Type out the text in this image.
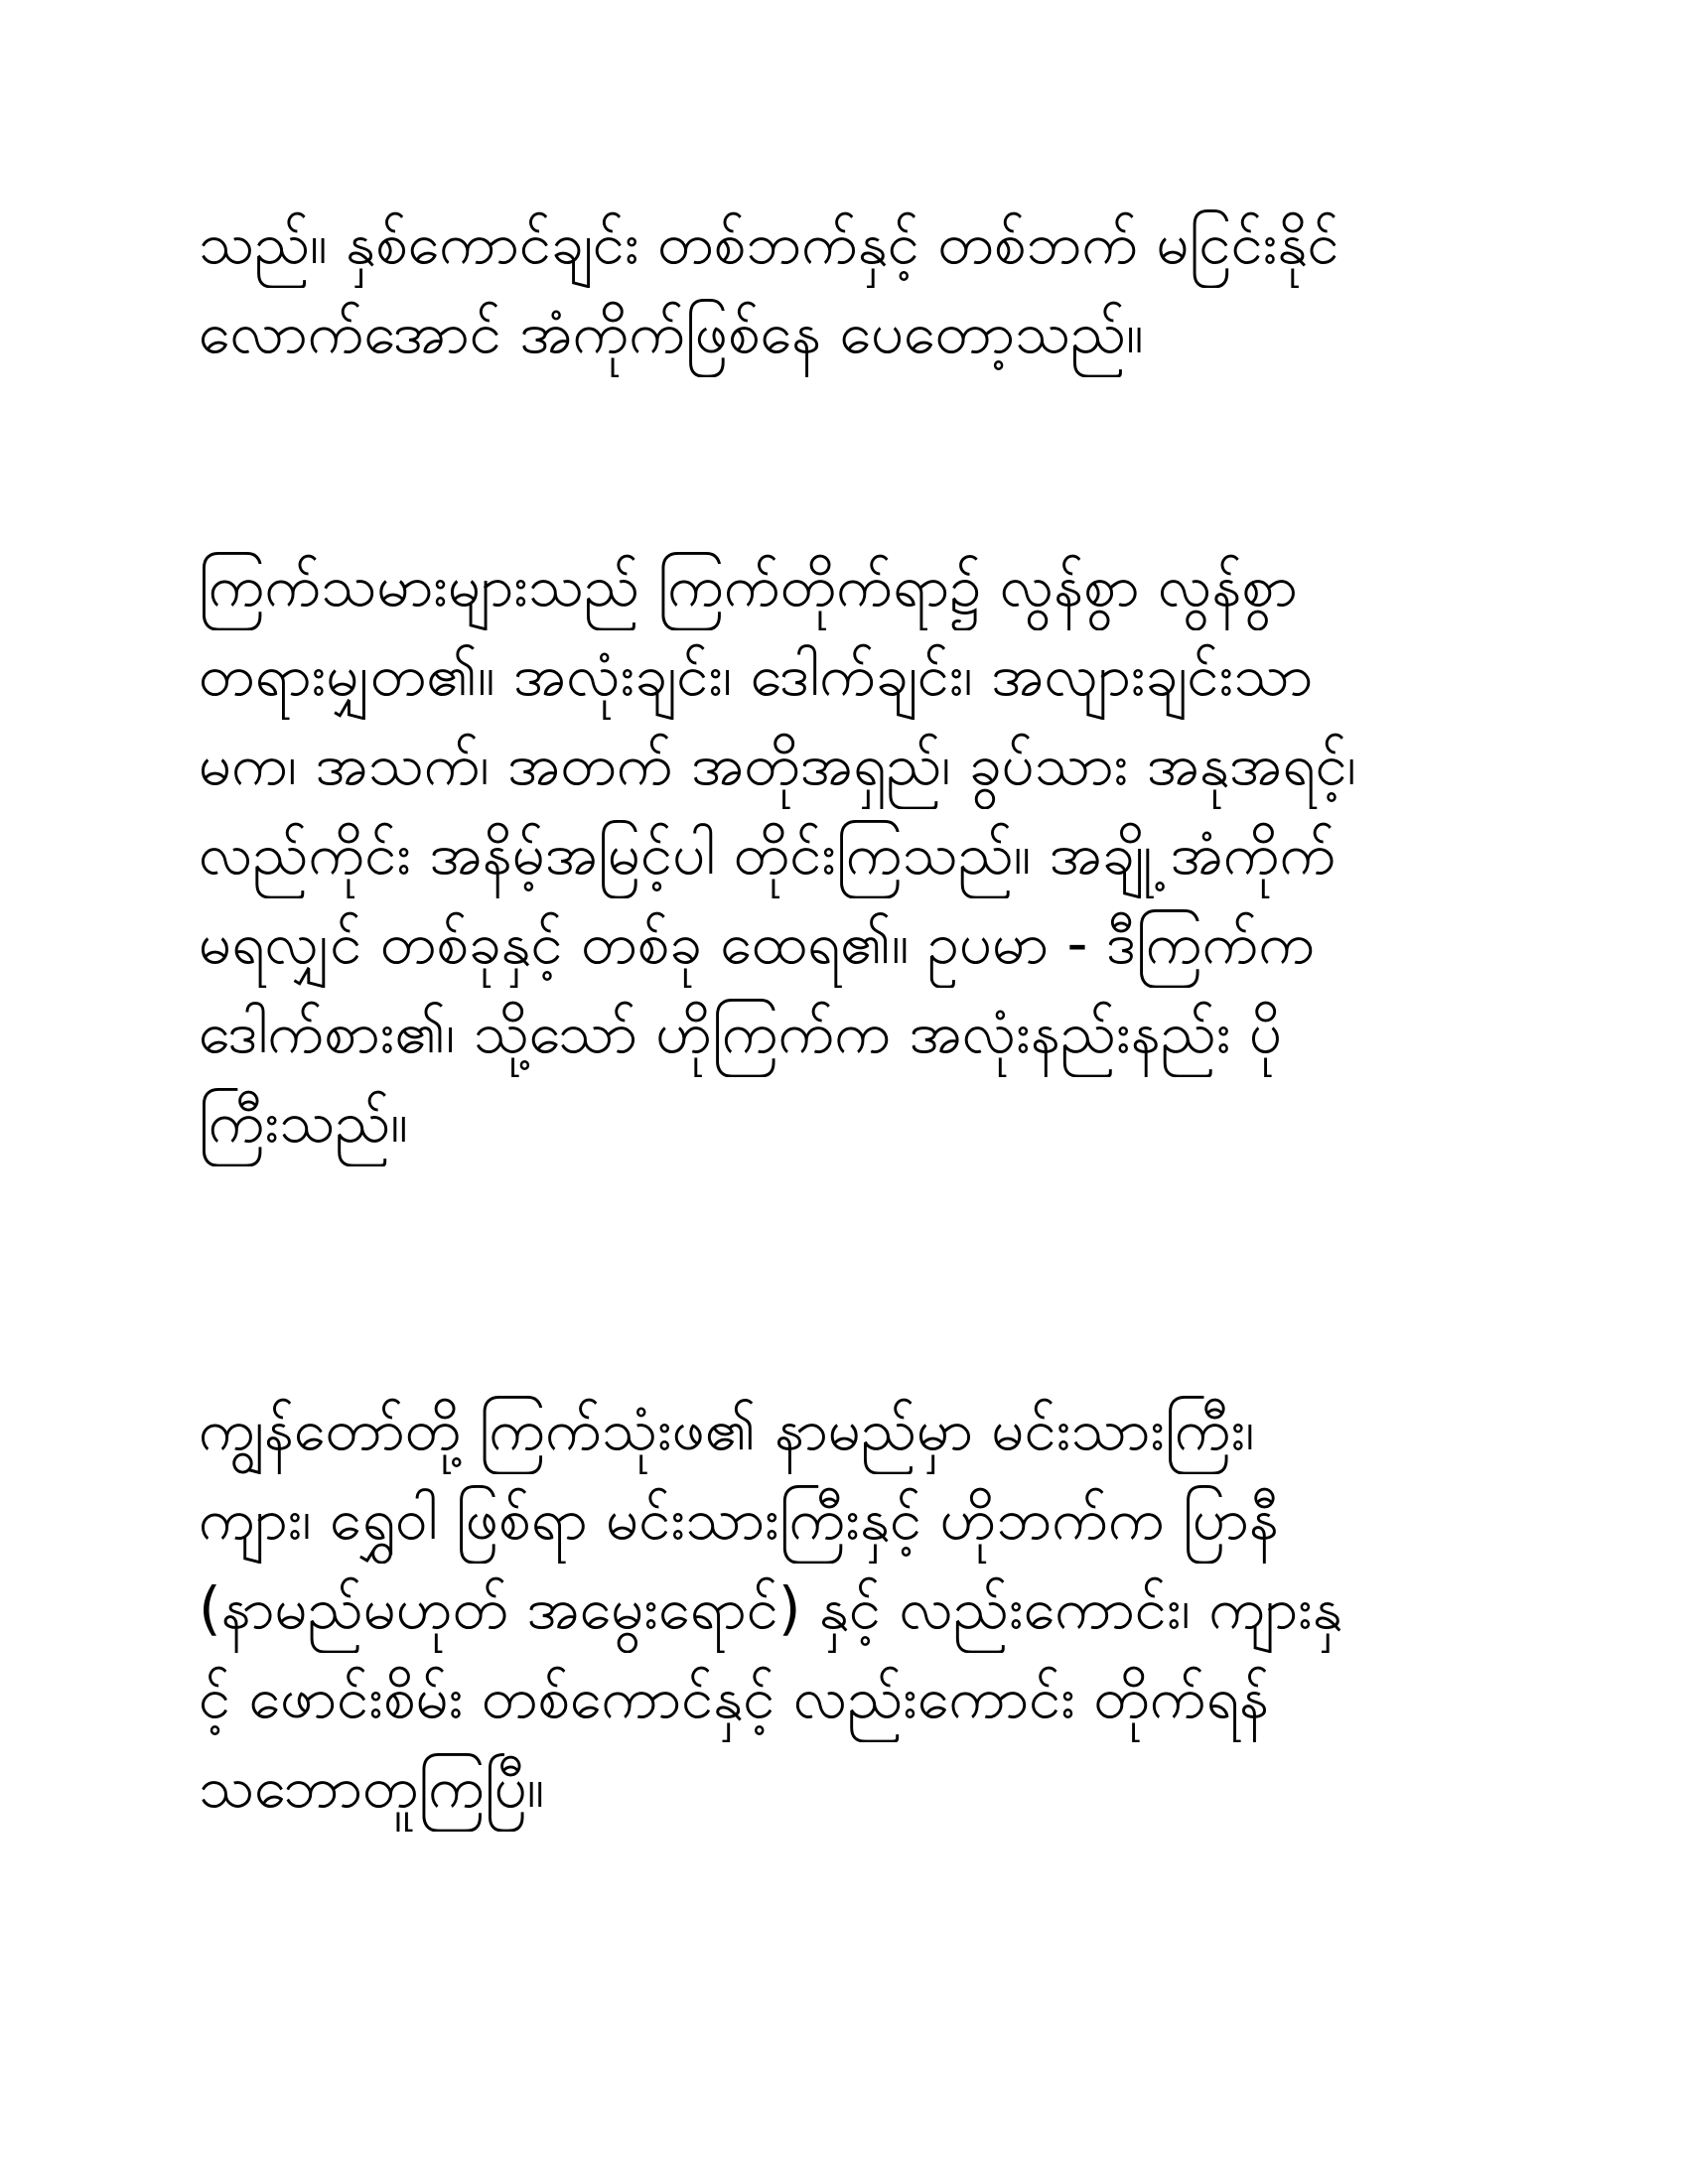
သည်။ နှစ်ကောင်ချင်း တစ်ဘက်နှင့် တစ်ဘက် မငြင်းနိုင်
လောက်အောင် အံကိုက်ဖြစ်နေ ပေတော့သည်။

ကြက်သမားများသည် ကြက်တိုက်ရာ၌ လွန်စွာ လွန်စွာ
တရားမျှတ၏။ အလုံးချင်း၊ ဒေါက်ချင်း၊ အလျားချင်းသာ
မက၊ အသက်၊ အတက် အတိုအရှည်၊ ခွပ်သား အနုအရင့်၊
လည်ကိုင်း အနိမ့်အမြင့်ပါ တိုင်းကြသည်။ အချို့ အံကိုက်
မရလျှင် တစ်ခုနှင့် တစ်ခု ထေရ၏။ ဥပမာ - ဒီကြက်က
ဒေါက်စား၏၊ သို့သော် ဟိုကြက်က အလုံးနည်းနည်း ပို
ကြီးသည်။

ကျွန်တော်တို့ ကြက်သုံးဖ၏ နာမည်မှာ မင်းသားကြီး၊
ကျား၊ ရွှေဝါ ဖြစ်ရာ မင်းသားကြီးနှင့် ဟိုဘက်က ပြာနီ
(နာမည်မဟုတ် အမွေးရောင်) နှင့် လည်းကောင်း၊ ကျားနှ
င့် ဖောင်းစိမ်း တစ်ကောင်နှင့် လည်းကောင်း တိုက်ရန်
သဘောတူကြပြီ။
